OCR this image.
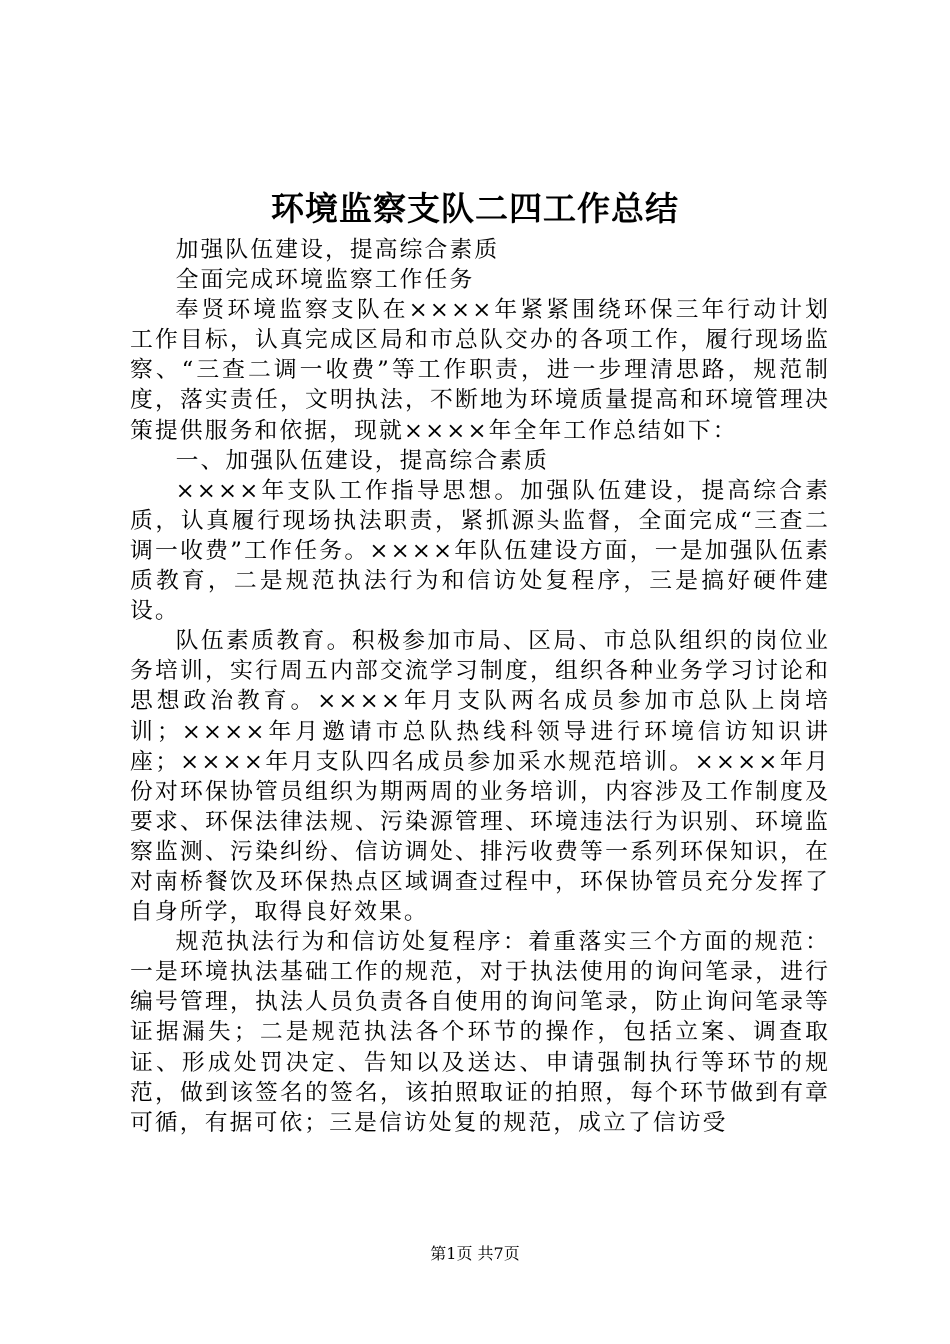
环境监察支队二四工作总结

加强队伍建设，提高综合素质

全面完成环境监察工作任务

奉贤环境监察支队在××××年紧紧围绕环保三年行动计划工作目标，认真完成区局和市总队交办的各项工作，履行现场监察、“三查二调一收费”等工作职责，进一步理清思路，规范制度，落实责任，文明执法，不断地为环境质量提高和环境管理决策提供服务和依据，现就××××年全年工作总结如下：

一、加强队伍建设，提高综合素质

××××年支队工作指导思想。加强队伍建设，提高综合素质，认真履行现场执法职责，紧抓源头监督，全面完成“三查二调一收费”工作任务。××××年队伍建设方面，一是加强队伍素质教育，二是规范执法行为和信访处复程序，三是搞好硬件建设。

队伍素质教育。积极参加市局、区局、市总队组织的岗位业务培训，实行周五内部交流学习制度，组织各种业务学习讨论和思想政治教育。××××年月支队两名成员参加市总队上岗培训；××××年月邀请市总队热线科领导进行环境信访知识讲座；××××年月支队四名成员参加采水规范培训。××××年月份对环保协管员组织为期两周的业务培训，内容涉及工作制度及要求、环保法律法规、污染源管理、环境违法行为识别、环境监察监测、污染纠纷、信访调处、排污收费等一系列环保知识，在对南桥餐饮及环保热点区域调查过程中，环保协管员充分发挥了自身所学，取得良好效果。

规范执法行为和信访处复程序：着重落实三个方面的规范：一是环境执法基础工作的规范，对于执法使用的询问笔录，进行编号管理，执法人员负责各自使用的询问笔录，防止询问笔录等证据漏失；二是规范执法各个环节的操作，包括立案、调查取证、形成处罚决定、告知以及送达、申请强制执行等环节的规范，做到该签名的签名，该拍照取证的拍照，每个环节做到有章可循，有据可依；三是信访处复的规范，成立了信访受

第1页 共7页
